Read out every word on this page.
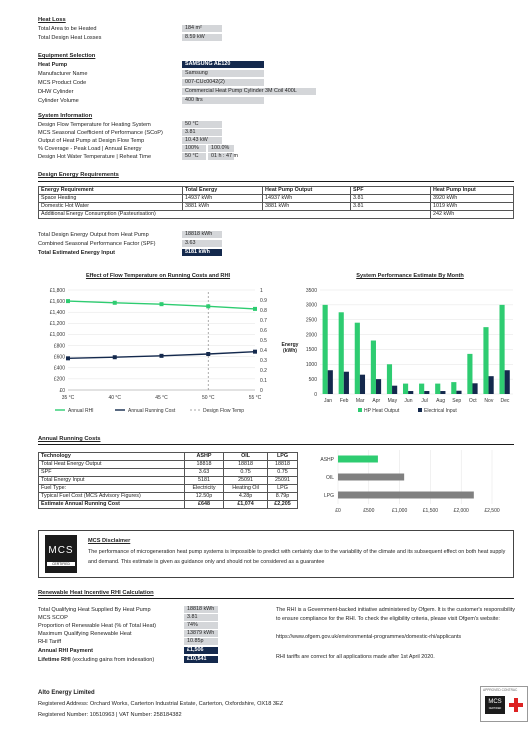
Heat Loss
Total Area to be Heated	184 m²
Total Design Heat Losses	8.59 kW
Equipment Selection
Heat Pump	SAMSUNG AE120
Manufacturer Name	Samsung
MCS Product Code	007-CUc0042(2)
DHW Cylinder	Commercial Heat Pump Cylinder 3M Coil 400L
Cylinder Volume	400 ltrs
System Information
Design Flow Temperature for Heating System	50 °C
MCS Seasonal Coefficient of Performance (SCoP)	3.81
Output of Heat Pump at Design Flow Temp	10.43 kW
% Coverage - Peak Load | Annual Energy	100%	100.0%
Design Hot Water Temperature | Reheat Time	50 °C	01 h : 47 m
Design Energy Requirements
Energy Requirement	Total Energy	Heat Pump Output	SPF	Heat Pump Input
Space Heating	14937 kWh	14937 kWh	3.81	3920 kWh
Domestic Hot Water	3881 kWh	3881 kWh	3.81	1019 kWh
Additional Energy Consumption (Pasteurisation)				242 kWh
Total Design Energy Output from Heat Pump	18818 kWh
Combined Seasonal Performance Factor (SPF)	3.63
Total Estimated Energy Input	5181 kWh
Effect of Flow Temperature on Running Costs and RHI
£0
£200
£400
£600
£800
£1,000
£1,200
£1,400
£1,600
£1,800
0
0.1
0.2
0.3
0.4
0.5
0.6
0.7
0.8
0.9
1
35 °C	40 °C	45 °C	50 °C	55 °C
Annual RHI	Annual Running Cost	Design Flow Temp
System Performance Estimate By Month
0
500
1000
1500
2000
2500
3000
3500
Energy
(kWh)
Jan Feb Mar Apr May Jun Jul Aug Sep Oct Nov Dec
HP Heat Output	Electrical Input
Annual Running Costs
Technology	ASHP	OIL	LPG
Total Heat Energy Output	18818	18818	18818
SPF	3.63	0.75	0.75
Total Energy Input	5181	25091	25091
Fuel Type:	Electricity	Heating Oil	LPG
Typical Fuel Cost (MCS Advisory Figures)	12.50p	4.28p	8.79p
Estimate Annual Running Cost	£648	£1,074	£2,205
£0	£500	£1,000	£1,500	£2,000	£2,500
ASHP
OIL
LPG
MCS
CERTIFIED
MCS Disclaimer
The performance of microgeneration heat pump systems is impossible to predict with certainty due to the variability of the climate and its subsequent effect on both heat supply and demand. This estimate is given as guidance only and should not be considered as a guarantee
Renewable Heat Incentive RHI Calculation
Total Qualifying Heat Supplied By Heat Pump	18818 kWh
MCS SCOP	3.81
Proportion of Renewable Heat (% of Total Heat)	74%
Maximum Qualifying Renewable Heat	13879 kWh
RHI Tariff	10.85p
Annual RHI Payment	£1,506
Lifetime RHI (excluding gains from indexation)	£10,541
The RHI is a Government-backed initiative administered by Ofgem. It is the customer's responsibility to ensure compliance for the RHI. To check the eligibility criteria, please visit Ofgem's website:
https://www.ofgem.gov.uk/environmental-programmes/domestic-rhi/applicants
RHI tariffs are correct for all applications made after 1st April 2020.
Alto Energy Limited
Registered Address: Orchard Works, Carterton Industrial Estate, Carterton, Oxfordshire, OX18 3EZ
Registered Number: 10510963 | VAT Number: 258184382
APPROVED CONTRAC
MCS
CERTIFIED
